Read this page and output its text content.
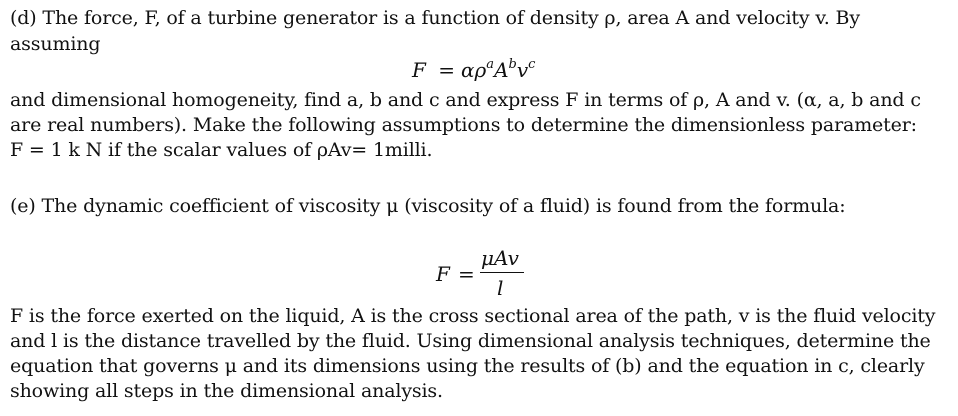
(d) The force, F, of a turbine generator is a function of density ρ, area A and velocity v. By
assuming
$F = \alpha\rho^aA^bv^c$
and dimensional homogeneity, find a, b and c and express F in terms of ρ, A and v. (α, a, b and c
are real numbers). Make the following assumptions to determine the dimensionless parameter:
F = 1 k N if the scalar values of ρAv= 1milli.
(e) The dynamic coefficient of viscosity μ (viscosity of a fluid) is found from the formula:
F =
μAv
l
F is the force exerted on the liquid, A is the cross sectional area of the path, v is the fluid velocity
and l is the distance travelled by the fluid. Using dimensional analysis techniques, determine the
equation that governs μ and its dimensions using the results of (b) and the equation in c, clearly
showing all steps in the dimensional analysis.
